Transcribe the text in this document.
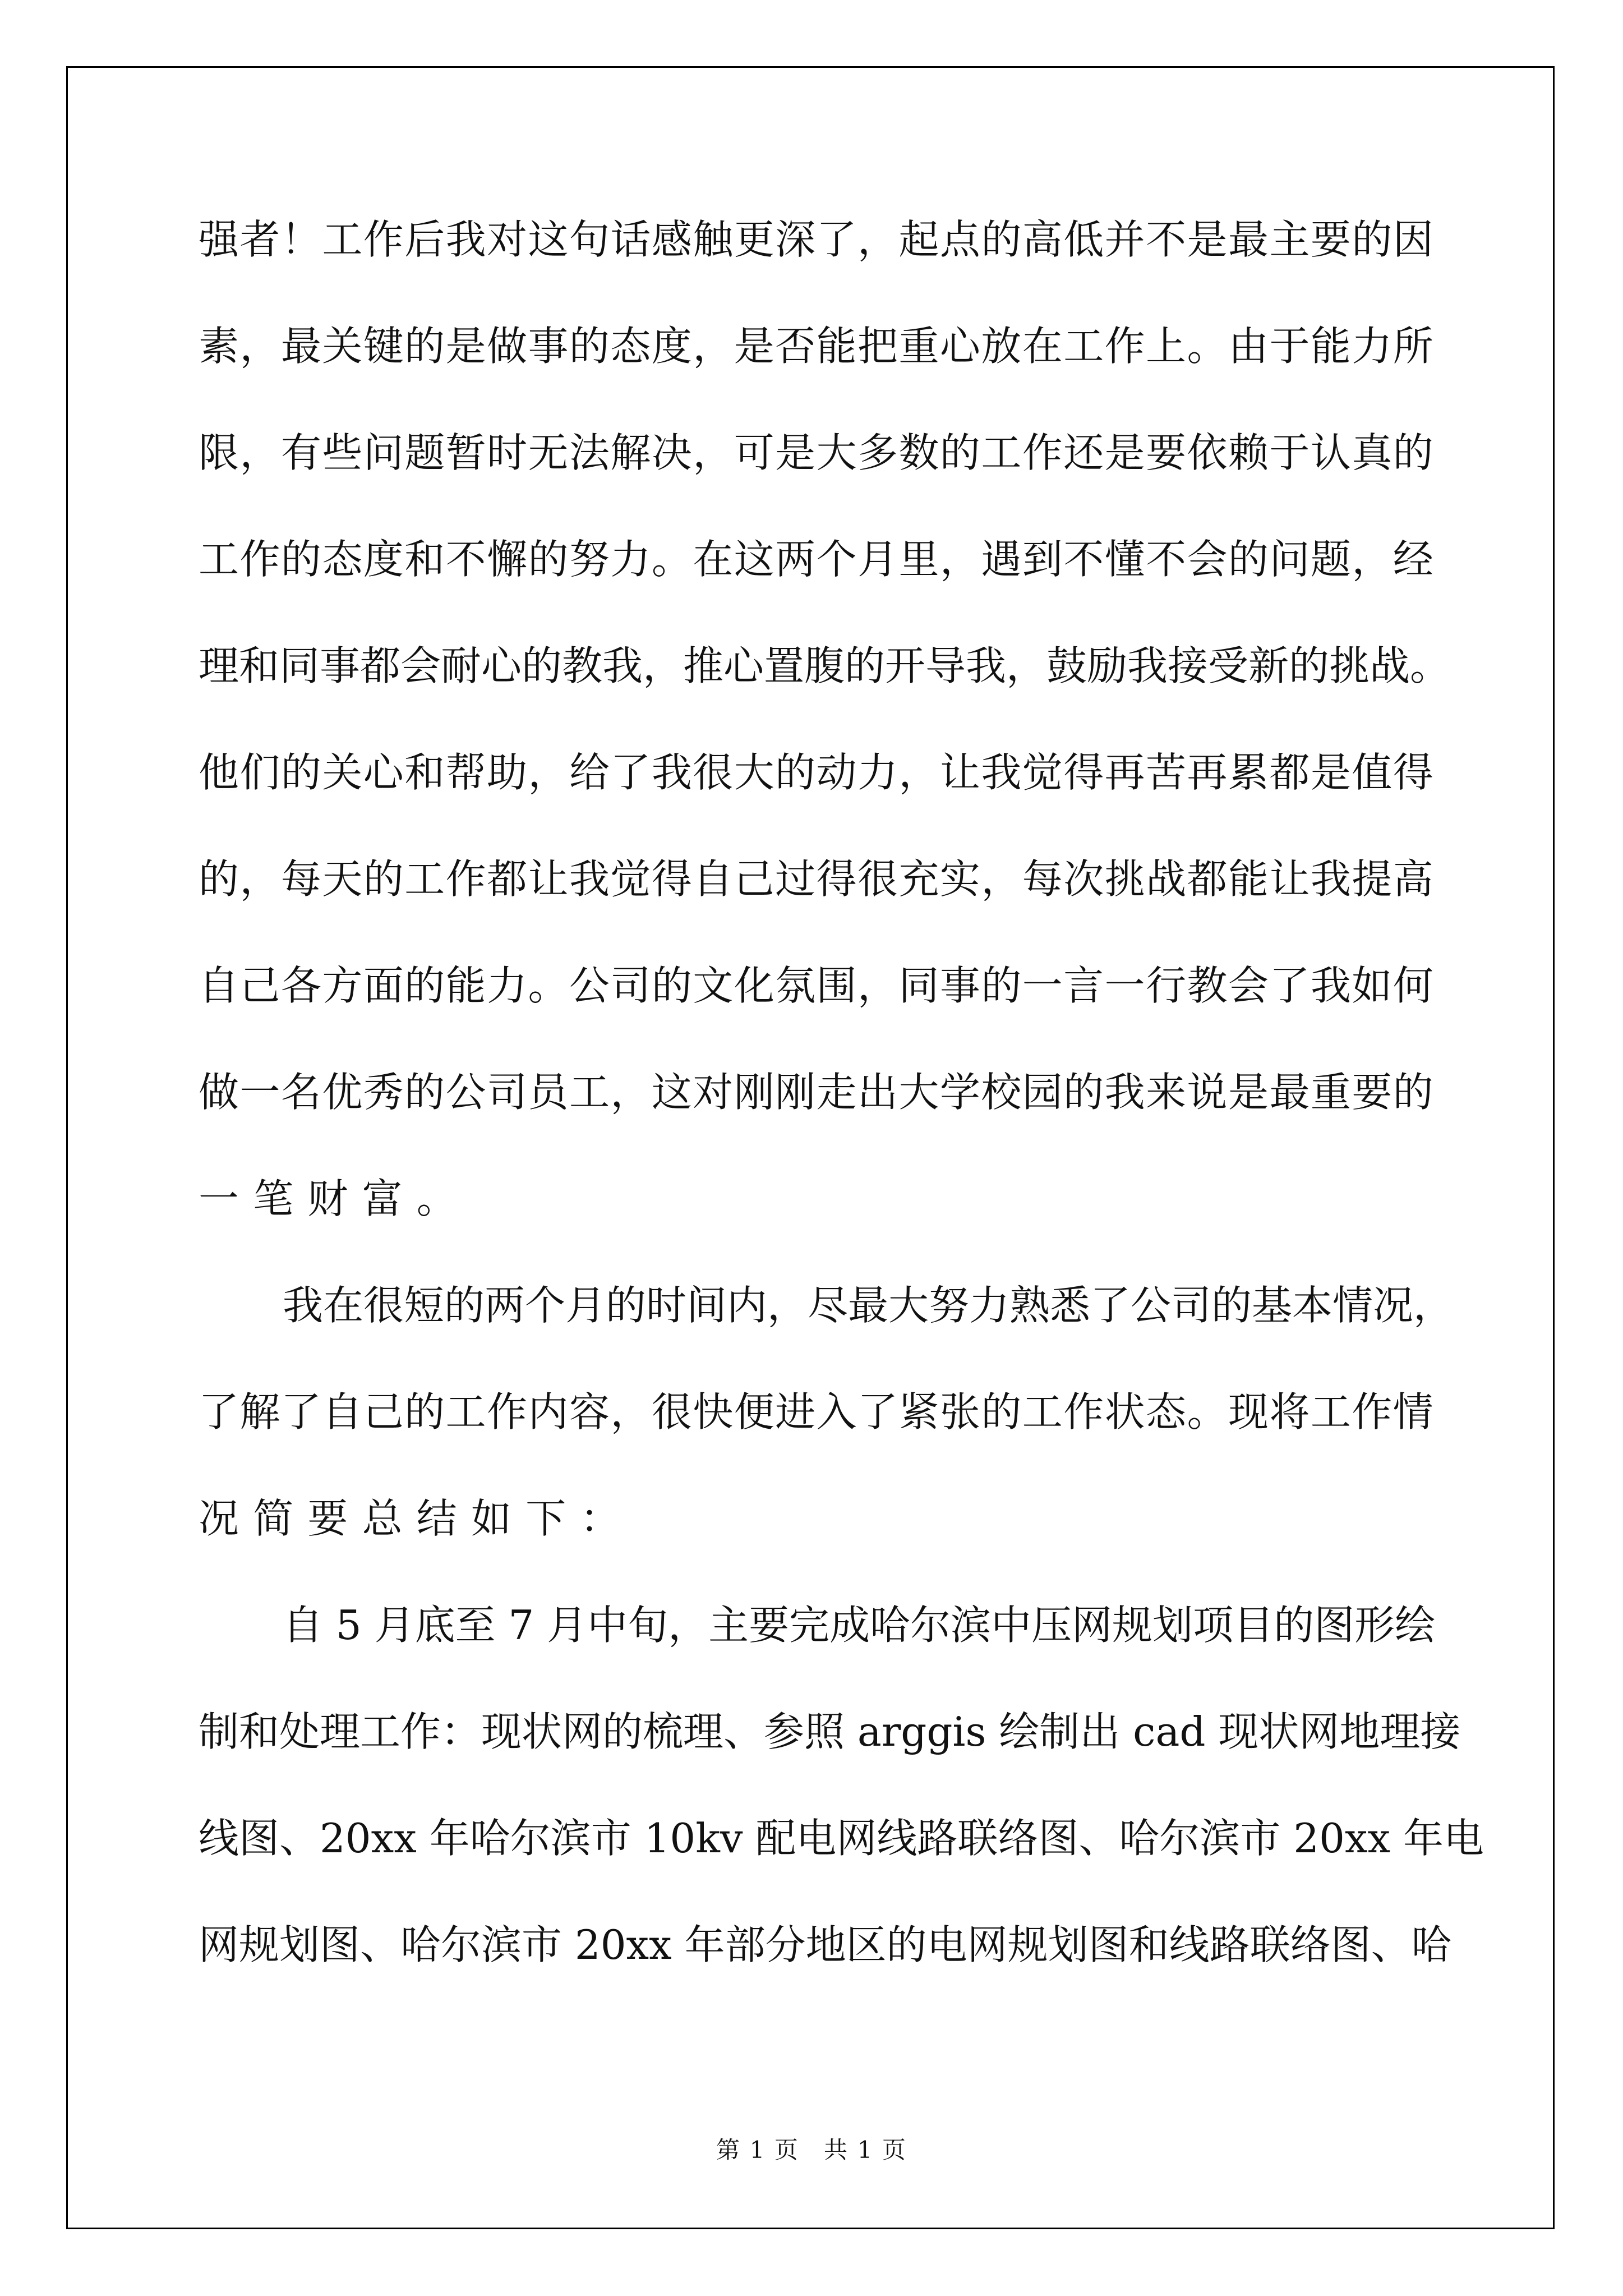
强者！工作后我对这句话感触更深了，起点的高低并不是最主要的因
素，最关键的是做事的态度，是否能把重心放在工作上。由于能力所
限，有些问题暂时无法解决，可是大多数的工作还是要依赖于认真的
工作的态度和不懈的努力。在这两个月里，遇到不懂不会的问题，经
理和同事都会耐心的教我，推心置腹的开导我，鼓励我接受新的挑战。
他们的关心和帮助，给了我很大的动力，让我觉得再苦再累都是值得
的，每天的工作都让我觉得自己过得很充实，每次挑战都能让我提高
自己各方面的能力。公司的文化氛围，同事的一言一行教会了我如何
做一名优秀的公司员工，这对刚刚走出大学校园的我来说是最重要的
一笔财富。
我在很短的两个月的时间内，尽最大努力熟悉了公司的基本情况，
了解了自己的工作内容，很快便进入了紧张的工作状态。现将工作情
况简要总结如下：
自 5 月底至 7 月中旬，主要完成哈尔滨中压网规划项目的图形绘
制和处理工作：现状网的梳理、参照 arggis 绘制出 cad 现状网地理接
线图、20xx 年哈尔滨市 10kv 配电网线路联络图、哈尔滨市 20xx 年电
网规划图、哈尔滨市 20xx 年部分地区的电网规划图和线路联络图、哈
第 1 页　共 1 页
